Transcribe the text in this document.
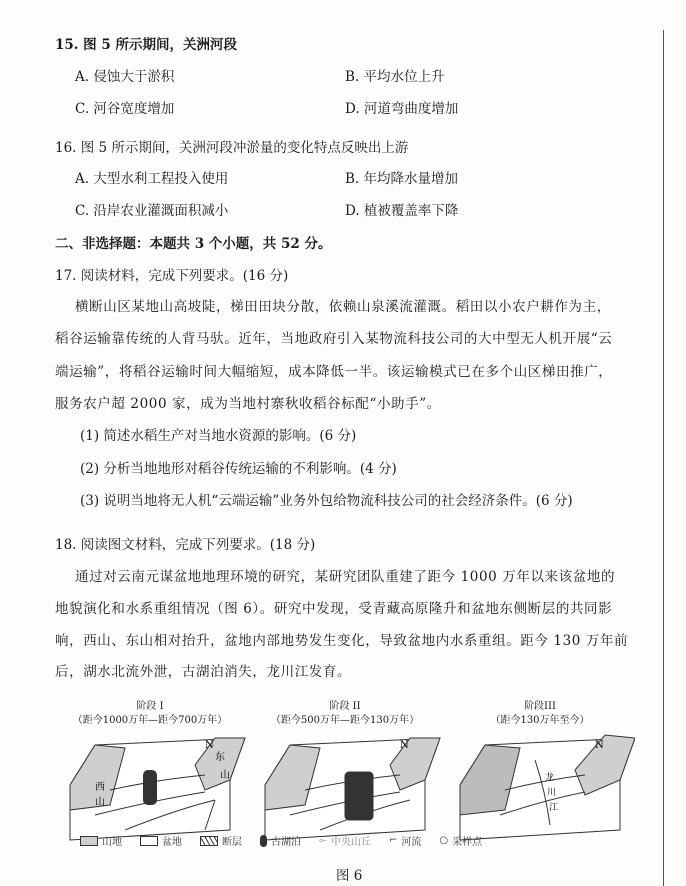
15. 图 5 所示期间，关洲河段
A. 侵蚀大于淤积	B. 平均水位上升
C. 河谷宽度增加	D. 河道弯曲度增加
16. 图 5 所示期间，关洲河段冲淤量的变化特点反映出上游
A. 大型水利工程投入使用	B. 年均降水量增加
C. 沿岸农业灌溉面积减小	D. 植被覆盖率下降
二、非选择题：本题共 3 个小题，共 52 分。
17. 阅读材料，完成下列要求。(16 分)
横断山区某地山高坡陡，梯田田块分散，依赖山泉溪流灌溉。稻田以小农户耕作为主，
稻谷运输靠传统的人背马驮。近年，当地政府引入某物流科技公司的大中型无人机开展“云
端运输”，将稻谷运输时间大幅缩短，成本降低一半。该运输模式已在多个山区梯田推广，
服务农户超 2000 家，成为当地村寨秋收稻谷标配“小助手”。
(1) 简述水稻生产对当地水资源的影响。(6 分)
(2) 分析当地地形对稻谷传统运输的不利影响。(4 分)
(3) 说明当地将无人机“云端运输”业务外包给物流科技公司的社会经济条件。(6 分)
18. 阅读图文材料，完成下列要求。(18 分)
通过对云南元谋盆地地理环境的研究，某研究团队重建了距今 1000 万年以来该盆地的
地貌演化和水系重组情况（图 6）。研究中发现，受青藏高原隆升和盆地东侧断层的共同影
响，西山、东山相对抬升，盆地内部地势发生变化，导致盆地内水系重组。距今 130 万年前
后，湖水北流外泄，古湖泊消失，龙川江发育。
阶段 I
（距今1000万年—距今700万年）
阶段 II
（距今500万年—距今130万年）
阶段III
（距今130万年至今）
西
山
东
山
N	N	N
龙
川
江
山地	盆地	断层	古湖泊 ⟜ 中央山丘 ⌐ 河流 ○ 采样点
图 6
